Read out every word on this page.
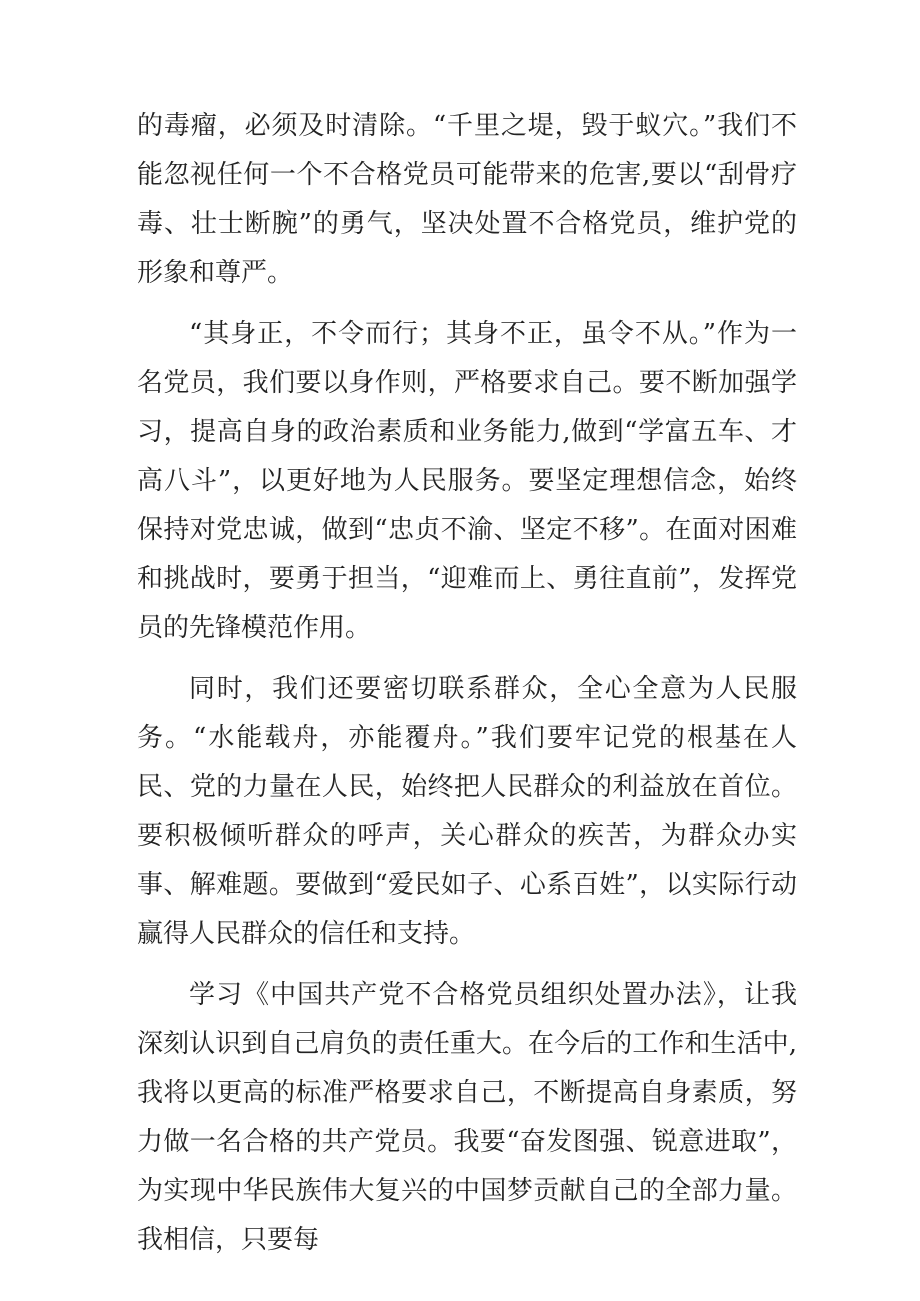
的毒瘤，必须及时清除。“千里之堤，毁于蚁穴。”我们不能忽视任何一个不合格党员可能带来的危害,要以“刮骨疗毒、壮士断腕”的勇气，坚决处置不合格党员，维护党的形象和尊严。

“其身正，不令而行；其身不正，虽令不从。”作为一名党员，我们要以身作则，严格要求自己。要不断加强学习，提高自身的政治素质和业务能力,做到“学富五车、才高八斗”，以更好地为人民服务。要坚定理想信念，始终保持对党忠诚，做到“忠贞不渝、坚定不移”。在面对困难和挑战时，要勇于担当，“迎难而上、勇往直前”，发挥党员的先锋模范作用。

同时，我们还要密切联系群众，全心全意为人民服务。“水能载舟，亦能覆舟。”我们要牢记党的根基在人民、党的力量在人民，始终把人民群众的利益放在首位。要积极倾听群众的呼声，关心群众的疾苦，为群众办实事、解难题。要做到“爱民如子、心系百姓”，以实际行动赢得人民群众的信任和支持。

学习《中国共产党不合格党员组织处置办法》，让我深刻认识到自己肩负的责任重大。在今后的工作和生活中,我将以更高的标准严格要求自己，不断提高自身素质，努力做一名合格的共产党员。我要“奋发图强、锐意进取”，为实现中华民族伟大复兴的中国梦贡献自己的全部力量。我相信，只要每
